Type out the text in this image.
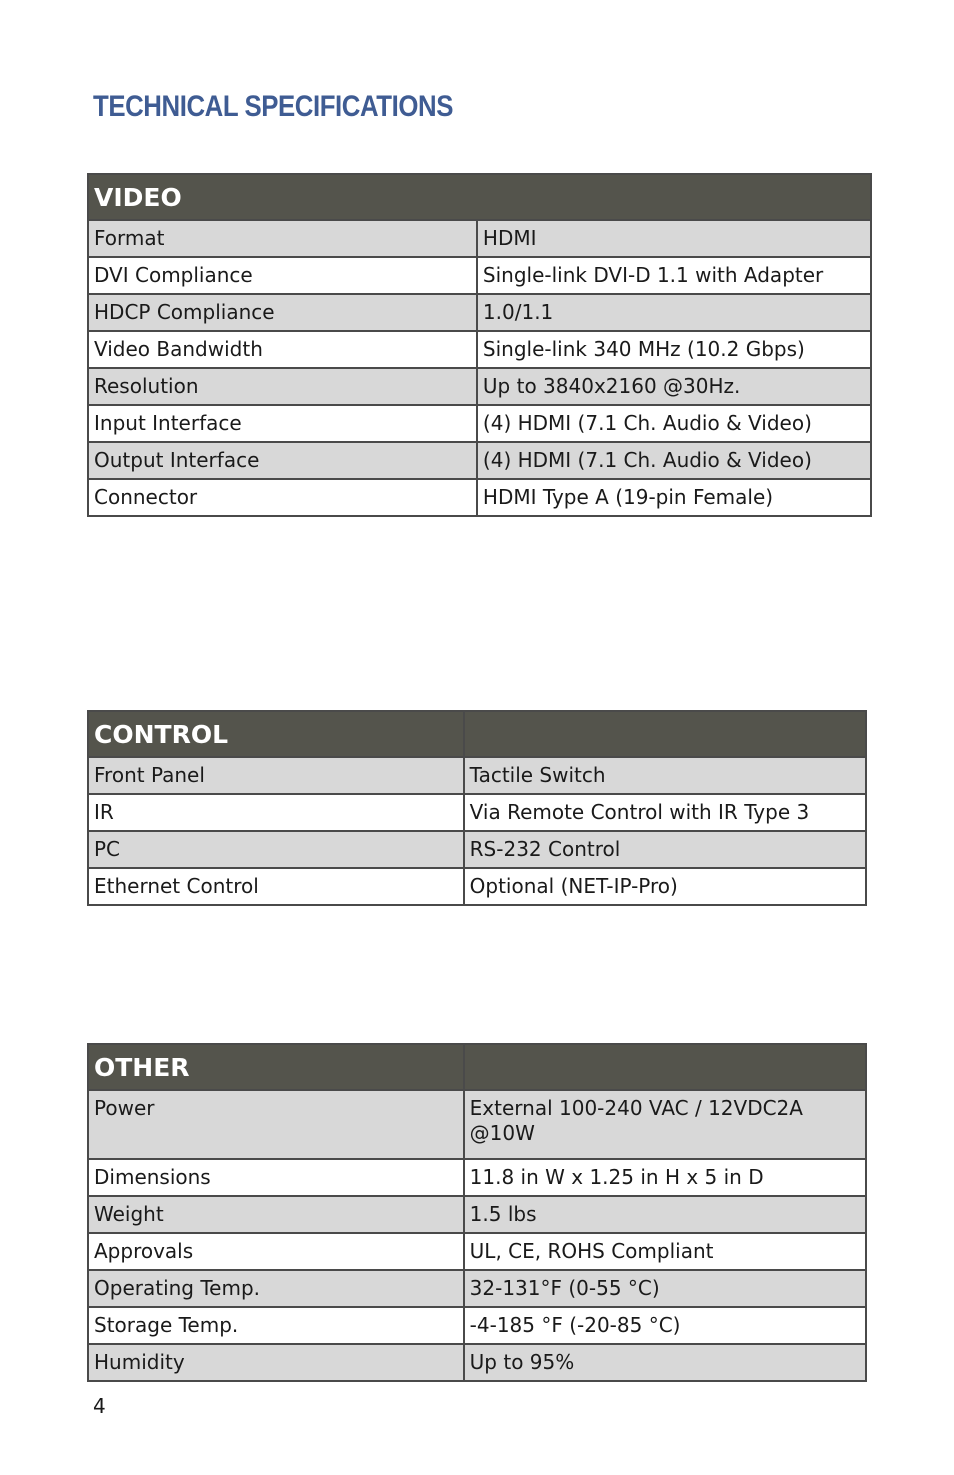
TECHNICAL SPECIFICATIONS
VIDEO	
Format	HDMI
DVI Compliance	Single-link DVI-D 1.1 with Adapter
HDCP Compliance	1.0/1.1
Video Bandwidth	Single-link 340 MHz (10.2 Gbps)
Resolution	Up to 3840x2160 @30Hz.
Input Interface	(4) HDMI (7.1 Ch. Audio & Video)
Output Interface	(4) HDMI (7.1 Ch. Audio & Video)
Connector	HDMI Type A (19-pin Female)
CONTROL	
Front Panel	Tactile Switch
IR	Via Remote Control with IR Type 3
PC	RS-232 Control
Ethernet Control	Optional (NET-IP-Pro)
OTHER	
Power	External 100-240 VAC / 12VDC2A @10W
Dimensions	11.8 in W x 1.25 in H x 5 in D
Weight	1.5 lbs
Approvals	UL, CE, ROHS Compliant
Operating Temp.	32-131°F (0-55 °C)
Storage Temp.	-4-185 °F (-20-85 °C)
Humidity	Up to 95%
4
